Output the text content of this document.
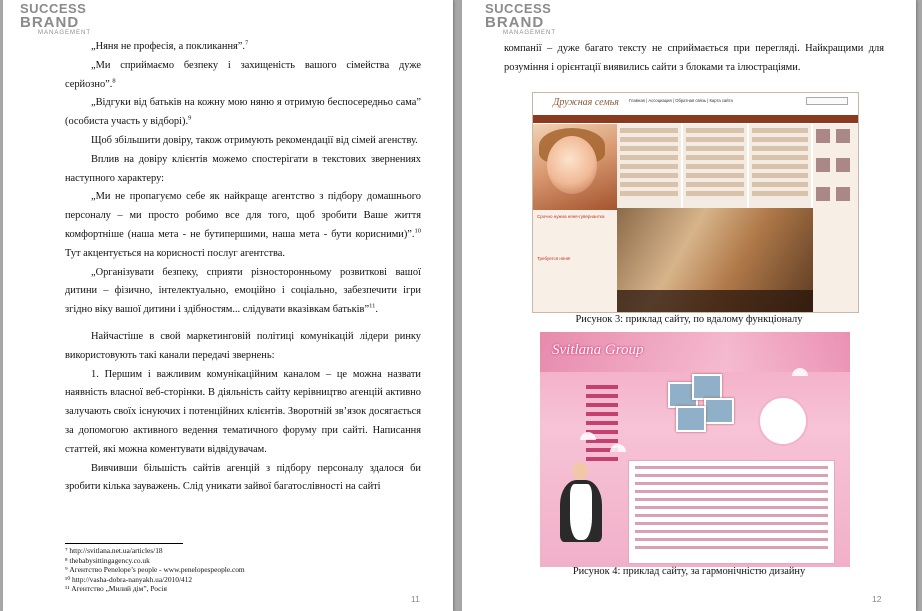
SUCCESS
BRAND
MANAGEMENT

„Няня не професія, а покликання”.$^7$

„Ми сприймаємо безпеку і захищеність вашого сімейства дуже серйозно”.$^8$

„Відгуки від батьків на кожну мою няню я отримую беспосередньо сама” (особиста участь у відборі).$^9$

Щоб збільшити довіру, також отримують рекомендації від сімей агенству.

Вплив на довіру клієнтів можемо спостерігати в текстових звернениях наступного характеру:

„Ми не пропагуємо себе як найкраще агентство з підбору домашнього персоналу – ми просто робимо все для того, щоб зробити Ваше життя комфортніше (наша мета - не бутипершими, наша мета - бути корисними)”.$^{10}$ Тут акцентується на корисності послуг агентства.

„Організувати безпеку, сприяти різносторонньому розвиткові вашої дитини – фізично, інтелектуально, емоційно і соціально, забезпечити ігри згідно віку вашої дитини і здібностям... слідувати вказівкам батьків”$^{11}$.

Найчастіше в свой маркетинговій політиці комунікацій лідери ринку використовують такі канали передачі звернень:

1. Першим і важливим комунікаційним каналом – це можна назвати наявність власної веб-сторінки. В діяльність сайту керівництво агенцій активно залучають своїх існуючих і потенційних клієнтів. Зворотній зв’язок досягається за допомогою активного ведення тематичного форуму при сайті. Написання статтей, які можна коментувати відвідувачам.

Вивчивши більшість сайтів агенцій з підбору персоналу здалося би зробити кілька зауважень. Слід уникати зайвої багатослівності на сайті

⁷ http://svitlana.net.ua/articles/18
⁸ thebabysittingagency.co.uk
⁹ Агентство Penelope’s people - www.penelopespeople.com
¹⁰ http://vasha-dobra-nanyakh.ua/2010/412
¹¹ Агентство „Милий дім”, Росія
11
SUCCESS
BRAND
MANAGEMENT
компанії – дуже багато тексту не сприймається при перегляді. Найкращими для розуміння і орієнтації виявились сайти з блоками та ілюстраціями.
Дружная семья Главная | Ассоциация | Обратная связь | Карта сайта
Срочно нужна няня-гувернантка
Требуется няня!
Рисунок 3: приклад сайту, по вдалому функціоналу
Svitlana Group
Рисунок 4: приклад сайту, за гармонічністю дизайну
12
